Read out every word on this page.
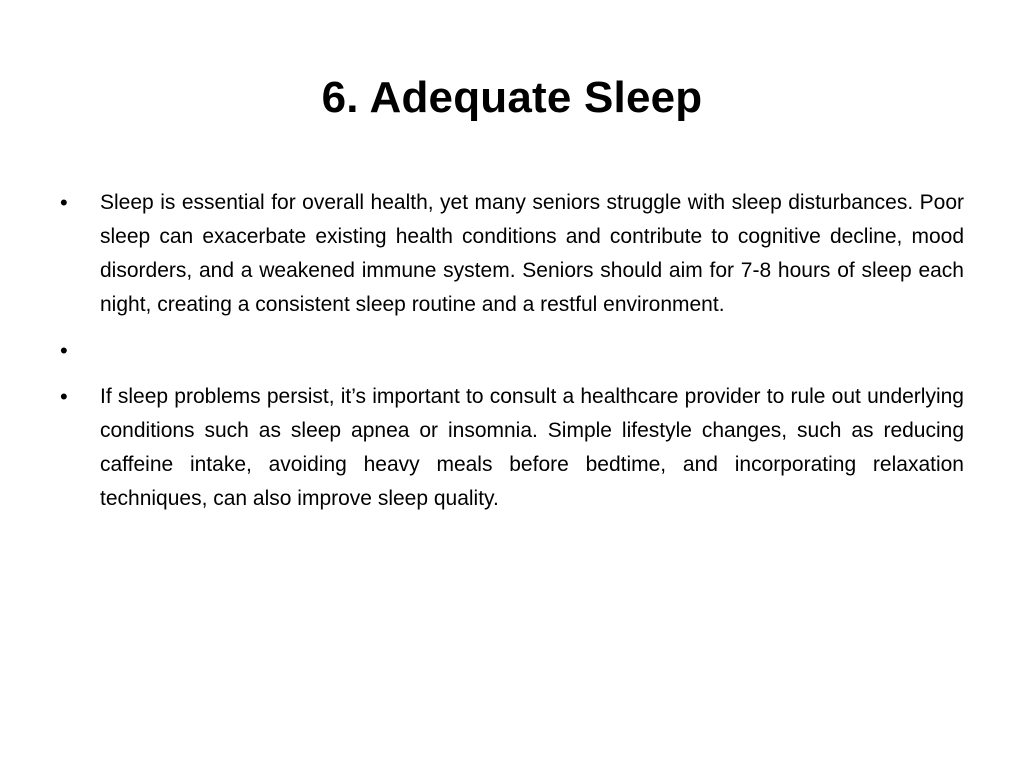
6. Adequate Sleep
•	Sleep is essential for overall health, yet many seniors struggle with sleep disturbances. Poor sleep can exacerbate existing health conditions and contribute to cognitive decline, mood disorders, and a weakened immune system. Seniors should aim for 7-8 hours of sleep each night, creating a consistent sleep routine and a restful environment.
•
•	If sleep problems persist, it’s important to consult a healthcare provider to rule out underlying conditions such as sleep apnea or insomnia. Simple lifestyle changes, such as reducing caffeine intake, avoiding heavy meals before bedtime, and incorporating relaxation techniques, can also improve sleep quality.
